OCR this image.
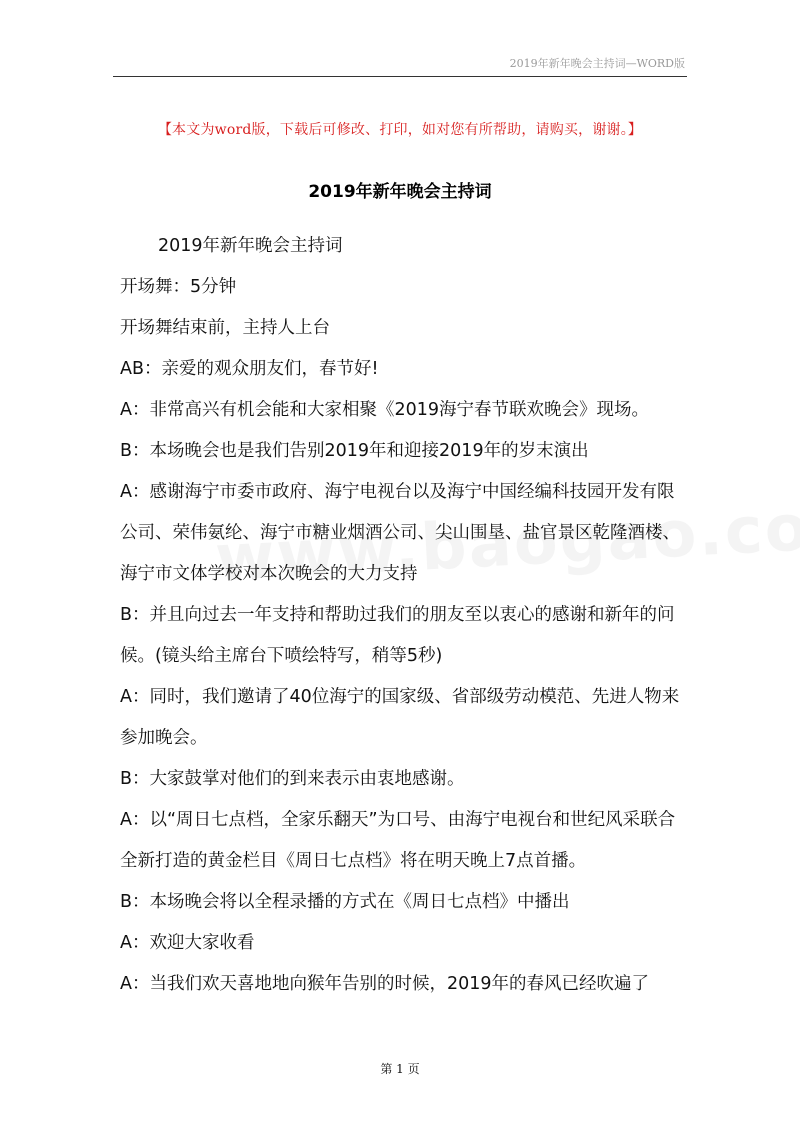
2019年新年晚会主持词—WORD版
【本文为word版，下载后可修改、打印，如对您有所帮助，请购买，谢谢。】
2019年新年晚会主持词

2019年新年晚会主持词

开场舞：5分钟

开场舞结束前，主持人上台

AB：亲爱的观众朋友们，春节好!

A：非常高兴有机会能和大家相聚《2019海宁春节联欢晚会》现场。

B：本场晚会也是我们告别2019年和迎接2019年的岁末演出

A：感谢海宁市委市政府、海宁电视台以及海宁中国经编科技园开发有限公司、荣伟氨纶、海宁市糖业烟酒公司、尖山围垦、盐官景区乾隆酒楼、海宁市文体学校对本次晚会的大力支持

B：并且向过去一年支持和帮助过我们的朋友至以衷心的感谢和新年的问候。(镜头给主席台下喷绘特写，稍等5秒)

A：同时，我们邀请了40位海宁的国家级、省部级劳动模范、先进人物来参加晚会。

B：大家鼓掌对他们的到来表示由衷地感谢。

A：以“周日七点档，全家乐翻天”为口号、由海宁电视台和世纪风采联合全新打造的黄金栏目《周日七点档》将在明天晚上7点首播。

B：本场晚会将以全程录播的方式在《周日七点档》中播出

A：欢迎大家收看

A：当我们欢天喜地地向猴年告别的时候，2019年的春风已经吹遍了

第 1 页
